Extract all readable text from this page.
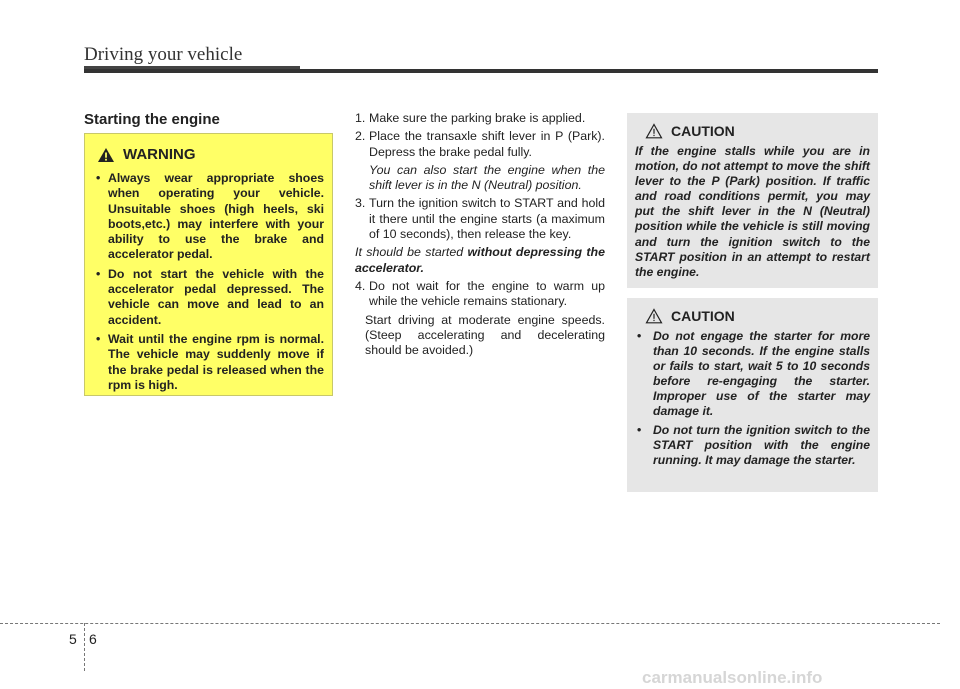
Driving your vehicle
Starting the engine
WARNING
• Always wear appropriate shoes when operating your vehicle. Unsuitable shoes (high heels, ski boots,etc.) may interfere with your ability to use the brake and accelerator pedal.
• Do not start the vehicle with the accelerator pedal depressed. The vehicle can move and lead to an accident.
• Wait until the engine rpm is normal. The vehicle may suddenly move if the brake pedal is released when the rpm is high.

1. Make sure the parking brake is applied.

2. Place the transaxle shift lever in P (Park). Depress the brake pedal fully.

You can also start the engine when the shift lever is in the N (Neutral) position.

3. Turn the ignition switch to START and hold it there until the engine starts (a maximum of 10 seconds), then release the key.

It should be started without depressing the accelerator.

4. Do not wait for the engine to warm up while the vehicle remains stationary.

Start driving at moderate engine speeds. (Steep accelerating and decelerating should be avoided.)

CAUTION

If the engine stalls while you are in motion, do not attempt to move the shift lever to the P (Park) position. If traffic and road conditions permit, you may put the shift lever in the N (Neutral) position while the vehicle is still moving and turn the ignition switch to the START position in an attempt to restart the engine.

CAUTION
• Do not engage the starter for more than 10 seconds. If the engine stalls or fails to start, wait 5 to 10 seconds before re-engaging the starter. Improper use of the starter may damage it.
• Do not turn the ignition switch to the START position with the engine running. It may damage the starter.
5 6
carmanualsonline.info
